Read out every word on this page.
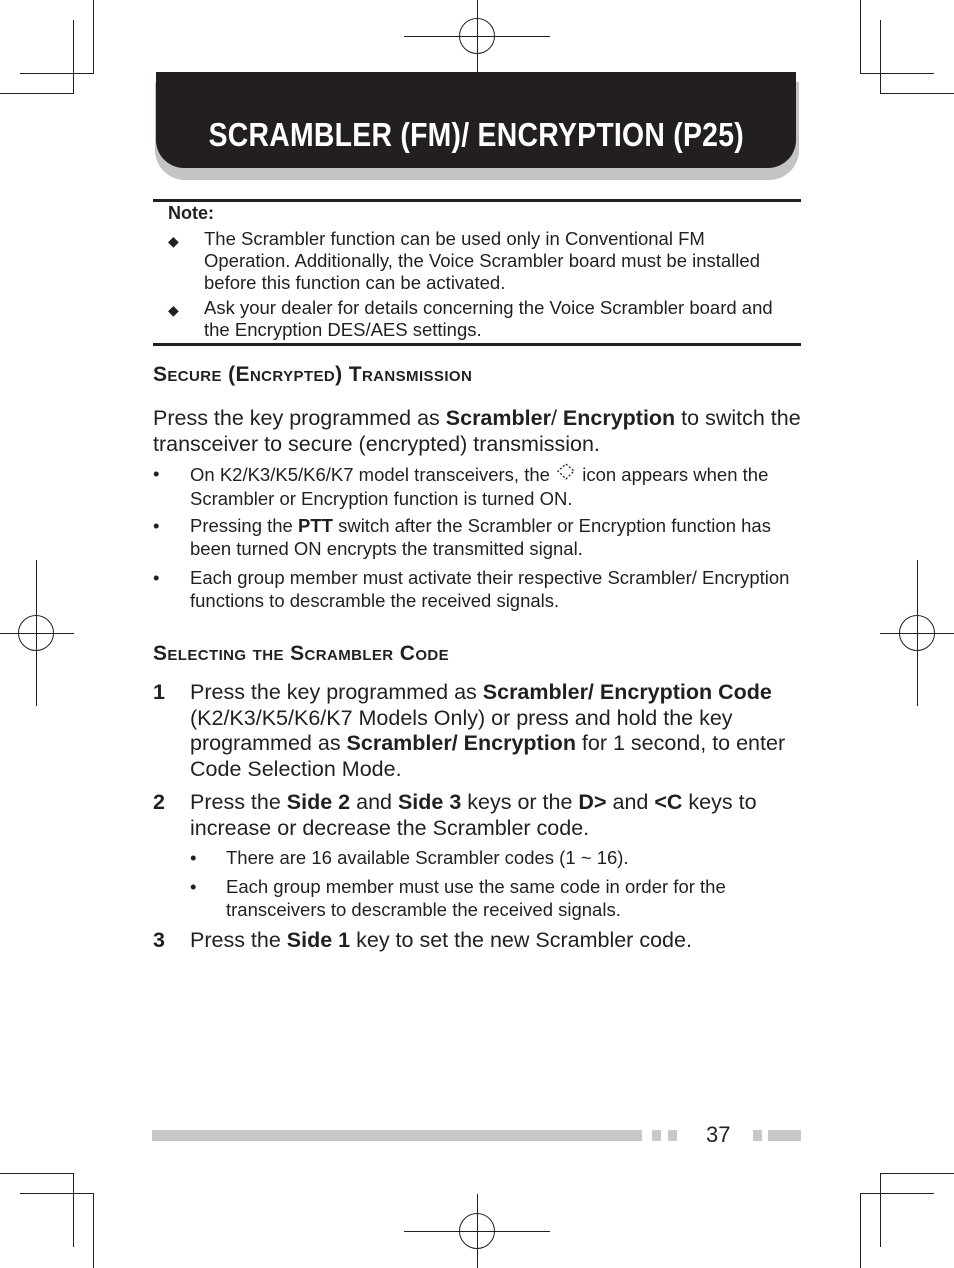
SCRAMBLER (FM)/ ENCRYPTION (P25)
Note:
◆ The Scrambler function can be used only in Conventional FM Operation. Additionally, the Voice Scrambler board must be installed before this function can be activated.
◆ Ask your dealer for details concerning the Voice Scrambler board and the Encryption DES/AES settings.
Secure (Encrypted) Transmission
Press the key programmed as Scrambler/ Encryption to switch the transceiver to secure (encrypted) transmission.
• On K2/K3/K5/K6/K7 model transceivers, the  icon appears when the Scrambler or Encryption function is turned ON.
• Pressing the PTT switch after the Scrambler or Encryption function has been turned ON encrypts the transmitted signal.
• Each group member must activate their respective Scrambler/ Encryption functions to descramble the received signals.
Selecting the Scrambler Code
1 Press the key programmed as Scrambler/ Encryption Code (K2/K3/K5/K6/K7 Models Only) or press and hold the key programmed as Scrambler/ Encryption for 1 second, to enter Code Selection Mode.
2 Press the Side 2 and Side 3 keys or the D> and <C keys to increase or decrease the Scrambler code.
• There are 16 available Scrambler codes (1 ~ 16).
• Each group member must use the same code in order for the transceivers to descramble the received signals.
3 Press the Side 1 key to set the new Scrambler code.
37
